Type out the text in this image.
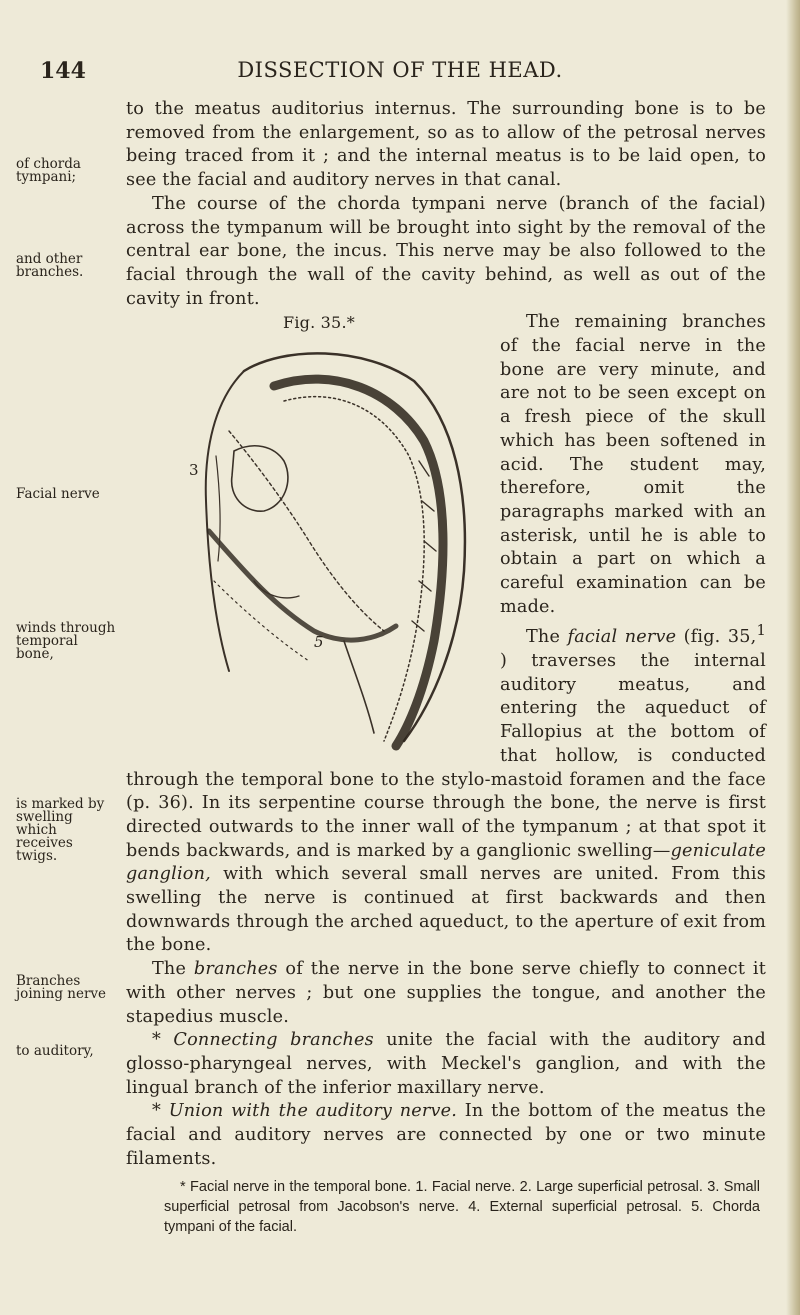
DISSECTION OF THE HEAD.
144
of chorda tympani;
and other branches.
Facial nerve
winds through temporal bone,
is marked by swelling which receives twigs.
Branches joining nerve
to auditory,

to the meatus auditorius internus. The surrounding bone is to be removed from the enlargement, so as to allow of the petrosal nerves being traced from it ; and the internal meatus is to be laid open, to see the facial and auditory nerves in that canal.

The course of the chorda tympani nerve (branch of the facial) across the tympanum will be brought into sight by the removal of the central ear bone, the incus. This nerve may be also followed to the facial through the wall of the cavity behind, as well as out of the cavity in front.

Fig. 35.*
3
5
The remaining branches of the facial nerve in the bone are very minute, and are not to be seen except on a fresh piece of the skull which has been softened in acid. The student may, therefore, omit the paragraphs marked with an asterisk, until he is able to obtain a part on which a careful examination can be made.

The facial nerve (fig. 35,$^1$ ) traverses the internal auditory meatus, and entering the aqueduct of Fallopius at the bottom of that hollow, is conducted through the temporal bone to the stylo-mastoid foramen and the face (p. 36). In its serpentine course through the bone, the nerve is first directed outwards to the inner wall of the tympanum ; at that spot it bends backwards, and is marked by a ganglionic swelling—geniculate ganglion, with which several small nerves are united. From this swelling the nerve is continued at first backwards and then downwards through the arched aqueduct, to the aperture of exit from the bone.

The branches of the nerve in the bone serve chiefly to connect it with other nerves ; but one supplies the tongue, and another the stapedius muscle.

* Connecting branches unite the facial with the auditory and glosso-pharyngeal nerves, with Meckel's ganglion, and with the lingual branch of the inferior maxillary nerve.

* Union with the auditory nerve. In the bottom of the meatus the facial and auditory nerves are connected by one or two minute filaments.

* Facial nerve in the temporal bone. 1. Facial nerve. 2. Large superficial petrosal. 3. Small superficial petrosal from Jacobson's nerve. 4. External superficial petrosal. 5. Chorda tympani of the facial.
